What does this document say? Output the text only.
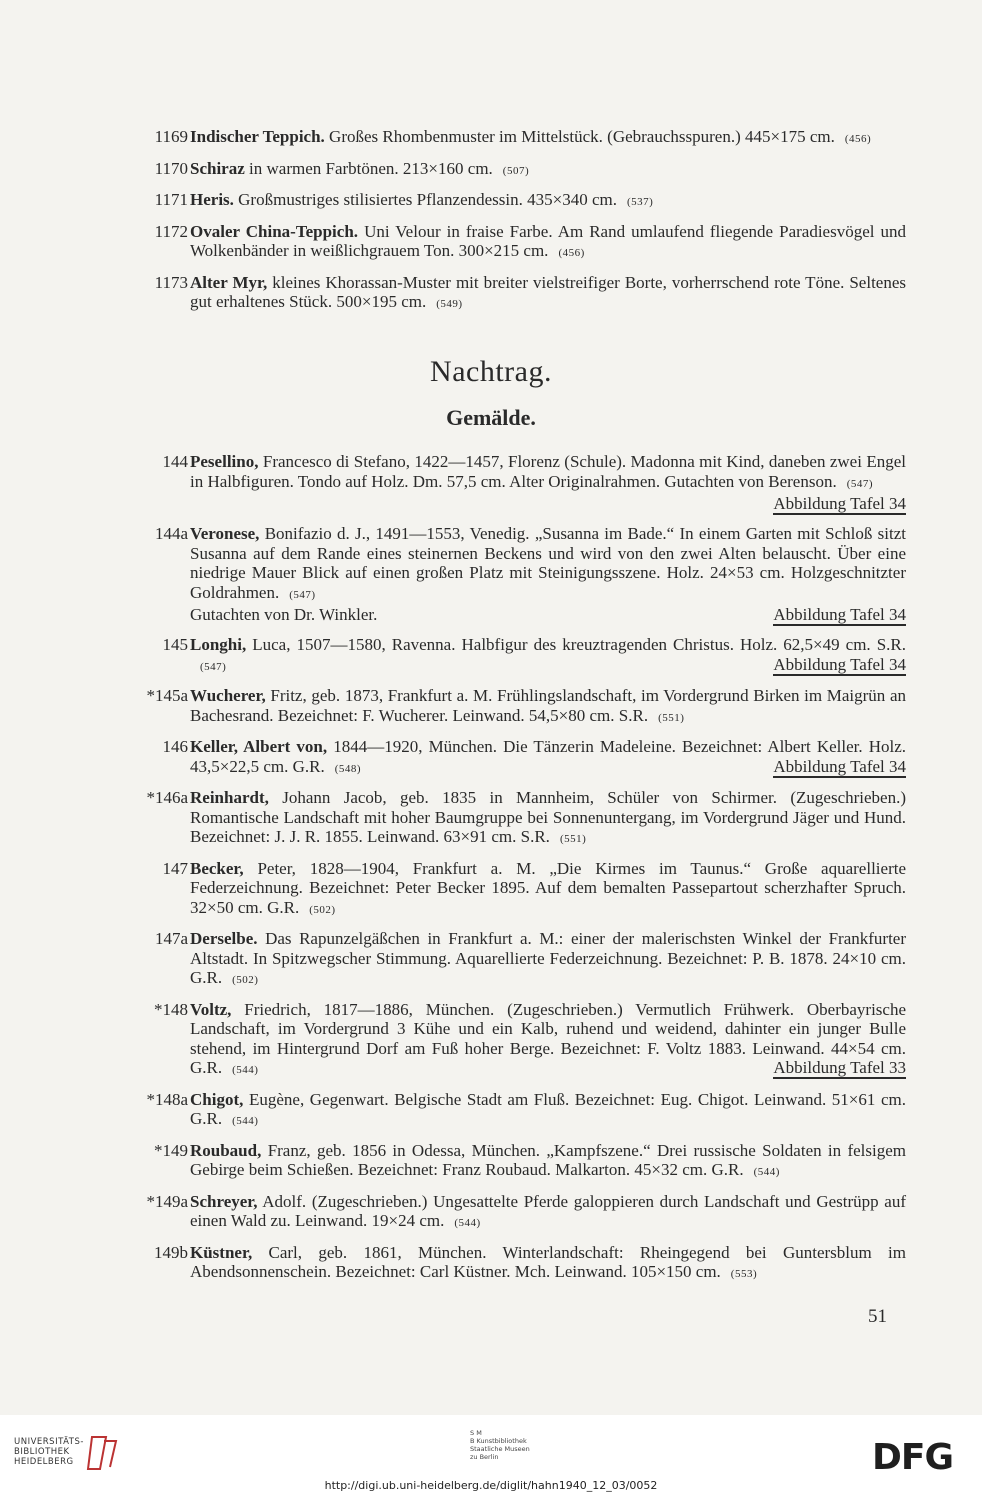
1169 Indischer Teppich. Großes Rhombenmuster im Mittelstück. (Gebrauchsspuren.) 445×175 cm. (456)
1170 Schiraz in warmen Farbtönen. 213×160 cm. (507)
1171 Heris. Großmustriges stilisiertes Pflanzendessin. 435×340 cm. (537)
1172 Ovaler China-Teppich. Uni Velour in fraise Farbe. Am Rand umlaufend fliegende Paradiesvögel und Wolkenbänder in weißlichgrauem Ton. 300×215 cm. (456)
1173 Alter Myr, kleines Khorassan-Muster mit breiter vielstreifiger Borte, vorherrschend rote Töne. Seltenes gut erhaltenes Stück. 500×195 cm. (549)
Nachtrag.
Gemälde.
144 Pesellino, Francesco di Stefano, 1422—1457, Florenz (Schule). Madonna mit Kind, daneben zwei Engel in Halbfiguren. Tondo auf Holz. Dm. 57,5 cm. Alter Originalrahmen. Gutachten von Berenson. (547)
Abbildung Tafel 34
144a Veronese, Bonifazio d. J., 1491—1553, Venedig. „Susanna im Bade.“ In einem Garten mit Schloß sitzt Susanna auf dem Rande eines steinernen Beckens und wird von den zwei Alten belauscht. Über eine niedrige Mauer Blick auf einen großen Platz mit Steinigungsszene. Holz. 24×53 cm. Holzgeschnitzter Goldrahmen. (547)
Gutachten von Dr. Winkler.	Abbildung Tafel 34
145 Longhi, Luca, 1507—1580, Ravenna. Halbfigur des kreuztragenden Christus. Holz. 62,5×49 cm. S.R.(547)	Abbildung Tafel 34
*145a Wucherer, Fritz, geb. 1873, Frankfurt a. M. Frühlingslandschaft, im Vordergrund Birken im Maigrün an Bachesrand. Bezeichnet: F. Wucherer. Leinwand. 54,5×80 cm. S.R. (551)
146 Keller, Albert von, 1844—1920, München. Die Tänzerin Madeleine. Bezeichnet: Albert Keller. Holz. 43,5×22,5 cm. G.R. (548)	Abbildung Tafel 34
*146a Reinhardt, Johann Jacob, geb. 1835 in Mannheim, Schüler von Schirmer. (Zugeschrieben.) Romantische Landschaft mit hoher Baumgruppe bei Sonnenuntergang, im Vordergrund Jäger und Hund. Bezeichnet: J. J. R. 1855. Leinwand. 63×91 cm. S.R. (551)
147 Becker, Peter, 1828—1904, Frankfurt a. M. „Die Kirmes im Taunus.“ Große aquarellierte Federzeichnung. Bezeichnet: Peter Becker 1895. Auf dem bemalten Passepartout scherzhafter Spruch. 32×50 cm. G.R. (502)
147a Derselbe. Das Rapunzelgäßchen in Frankfurt a. M.: einer der malerischsten Winkel der Frankfurter Altstadt. In Spitzwegscher Stimmung. Aquarellierte Federzeichnung. Bezeichnet: P. B. 1878. 24×10 cm. G.R. (502)
*148 Voltz, Friedrich, 1817—1886, München. (Zugeschrieben.) Vermutlich Frühwerk. Oberbayrische Landschaft, im Vordergrund 3 Kühe und ein Kalb, ruhend und weidend, dahinter ein junger Bulle stehend, im Hintergrund Dorf am Fuß hoher Berge. Bezeichnet: F. Voltz 1883. Leinwand. 44×54 cm. G.R. (544)	Abbildung Tafel 33
*148a Chigot, Eugène, Gegenwart. Belgische Stadt am Fluß. Bezeichnet: Eug. Chigot. Leinwand. 51×61 cm. G.R. (544)
*149 Roubaud, Franz, geb. 1856 in Odessa, München. „Kampfszene.“ Drei russische Soldaten in felsigem Gebirge beim Schießen. Bezeichnet: Franz Roubaud. Malkarton. 45×32 cm. G.R. (544)
*149a Schreyer, Adolf. (Zugeschrieben.) Ungesattelte Pferde galoppieren durch Landschaft und Gestrüpp auf einen Wald zu. Leinwand. 19×24 cm. (544)
149b Küstner, Carl, geb. 1861, München. Winterlandschaft: Rheingegend bei Guntersblum im Abendsonnenschein. Bezeichnet: Carl Küstner. Mch. Leinwand. 105×150 cm. (553)
51
UNIVERSITÄTS-
BIBLIOTHEK
HEIDELBERG
S M
B Kunstbibliothek
Staatliche Museen
zu Berlin	DFG
http://digi.ub.uni-heidelberg.de/diglit/hahn1940_12_03/0052
